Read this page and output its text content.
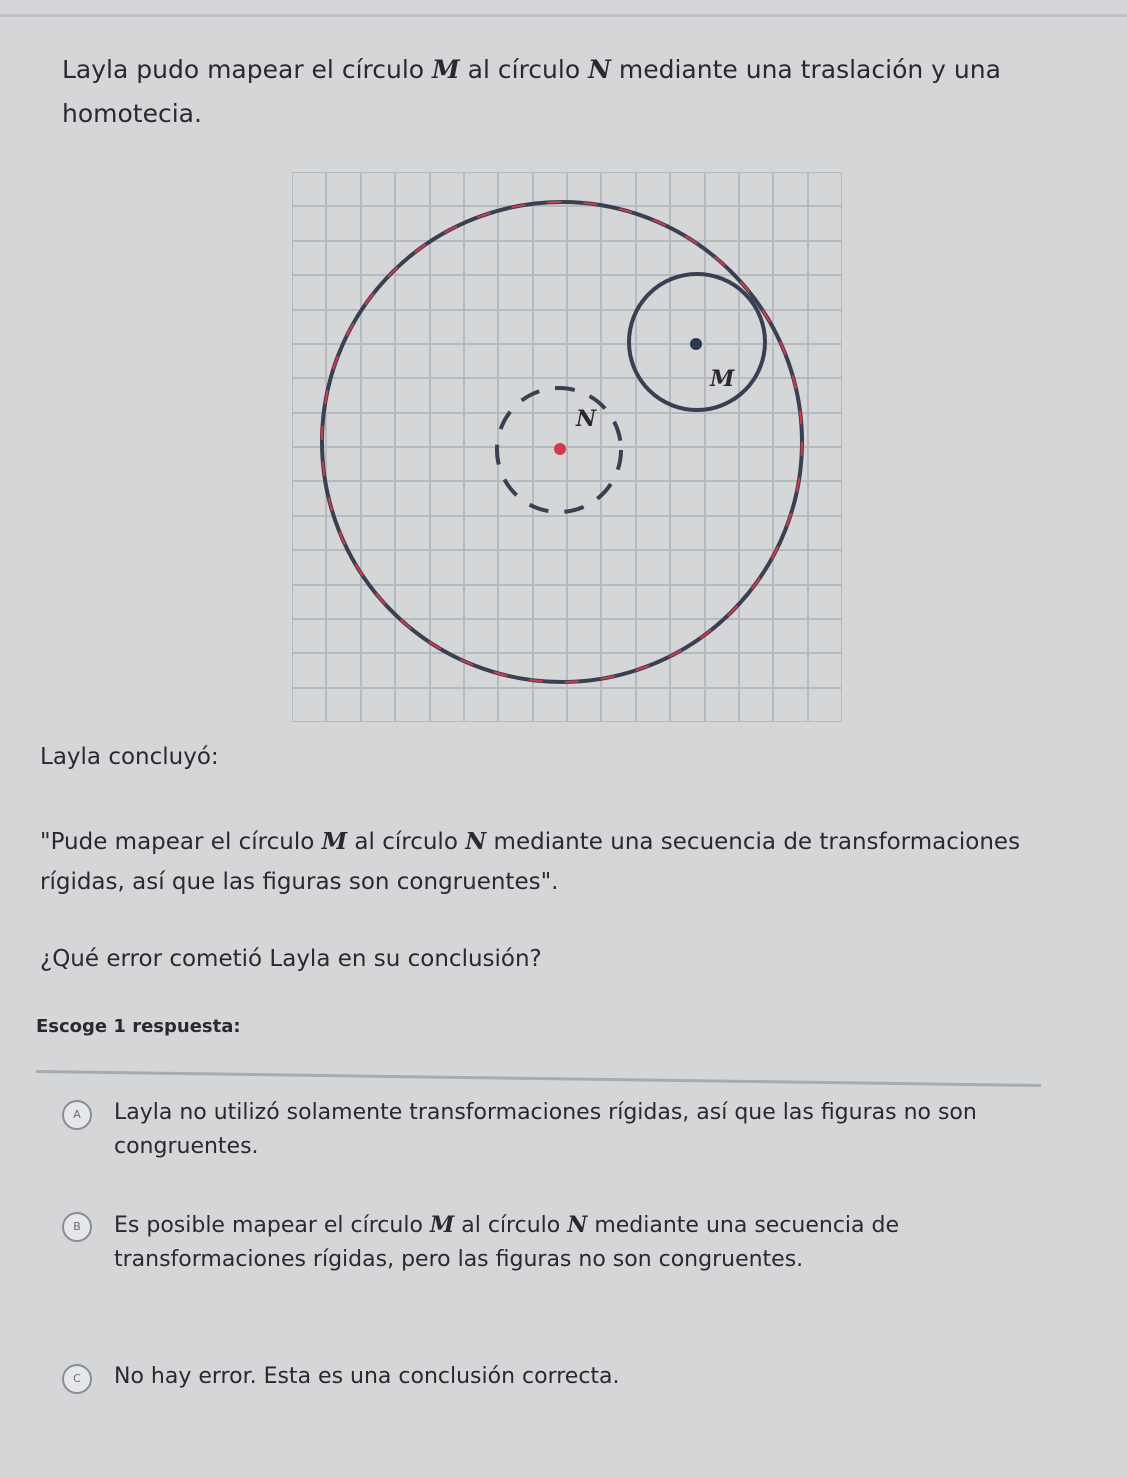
Layla pudo mapear el círculo M al círculo N mediante una traslación y una homotecia.

M
N

Layla concluyó:

"Pude mapear el círculo M al círculo N mediante una secuencia de transformaciones rígidas, así que las figuras son congruentes".

¿Qué error cometió Layla en su conclusión?

Escoge 1 respuesta:

A	Layla no utilizó solamente transformaciones rígidas, así que las figuras no son congruentes.
B	Es posible mapear el círculo M al círculo N mediante una secuencia de transformaciones rígidas, pero las figuras no son congruentes.
C	No hay error. Esta es una conclusión correcta.
